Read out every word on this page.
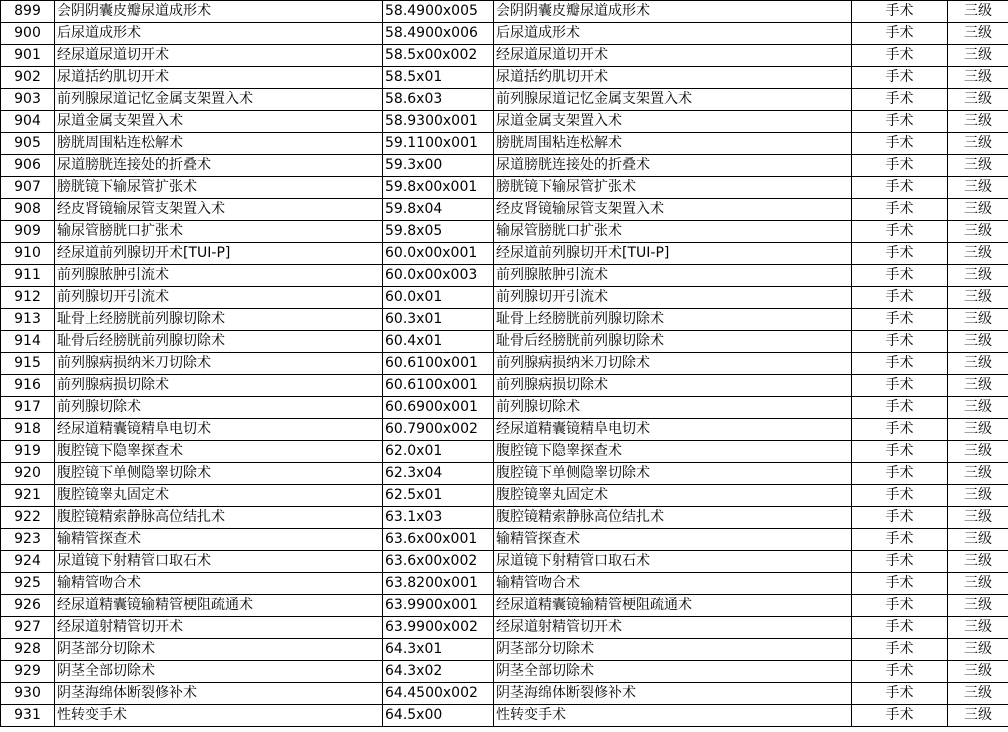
899	会阴阴囊皮瓣尿道成形术	58.4900x005	会阴阴囊皮瓣尿道成形术	手术	三级
900	后尿道成形术	58.4900x006	后尿道成形术	手术	三级
901	经尿道尿道切开术	58.5x00x002	经尿道尿道切开术	手术	三级
902	尿道括约肌切开术	58.5x01	尿道括约肌切开术	手术	三级
903	前列腺尿道记忆金属支架置入术	58.6x03	前列腺尿道记忆金属支架置入术	手术	三级
904	尿道金属支架置入术	58.9300x001	尿道金属支架置入术	手术	三级
905	膀胱周围粘连松解术	59.1100x001	膀胱周围粘连松解术	手术	三级
906	尿道膀胱连接处的折叠术	59.3x00	尿道膀胱连接处的折叠术	手术	三级
907	膀胱镜下输尿管扩张术	59.8x00x001	膀胱镜下输尿管扩张术	手术	三级
908	经皮肾镜输尿管支架置入术	59.8x04	经皮肾镜输尿管支架置入术	手术	三级
909	输尿管膀胱口扩张术	59.8x05	输尿管膀胱口扩张术	手术	三级
910	经尿道前列腺切开术[TUI-P]	60.0x00x001	经尿道前列腺切开术[TUI-P]	手术	三级
911	前列腺脓肿引流术	60.0x00x003	前列腺脓肿引流术	手术	三级
912	前列腺切开引流术	60.0x01	前列腺切开引流术	手术	三级
913	耻骨上经膀胱前列腺切除术	60.3x01	耻骨上经膀胱前列腺切除术	手术	三级
914	耻骨后经膀胱前列腺切除术	60.4x01	耻骨后经膀胱前列腺切除术	手术	三级
915	前列腺病损纳米刀切除术	60.6100x001	前列腺病损纳米刀切除术	手术	三级
916	前列腺病损切除术	60.6100x001	前列腺病损切除术	手术	三级
917	前列腺切除术	60.6900x001	前列腺切除术	手术	三级
918	经尿道精囊镜精阜电切术	60.7900x002	经尿道精囊镜精阜电切术	手术	三级
919	腹腔镜下隐睾探查术	62.0x01	腹腔镜下隐睾探查术	手术	三级
920	腹腔镜下单侧隐睾切除术	62.3x04	腹腔镜下单侧隐睾切除术	手术	三级
921	腹腔镜睾丸固定术	62.5x01	腹腔镜睾丸固定术	手术	三级
922	腹腔镜精索静脉高位结扎术	63.1x03	腹腔镜精索静脉高位结扎术	手术	三级
923	输精管探查术	63.6x00x001	输精管探查术	手术	三级
924	尿道镜下射精管口取石术	63.6x00x002	尿道镜下射精管口取石术	手术	三级
925	输精管吻合术	63.8200x001	输精管吻合术	手术	三级
926	经尿道精囊镜输精管梗阻疏通术	63.9900x001	经尿道精囊镜输精管梗阻疏通术	手术	三级
927	经尿道射精管切开术	63.9900x002	经尿道射精管切开术	手术	三级
928	阴茎部分切除术	64.3x01	阴茎部分切除术	手术	三级
929	阴茎全部切除术	64.3x02	阴茎全部切除术	手术	三级
930	阴茎海绵体断裂修补术	64.4500x002	阴茎海绵体断裂修补术	手术	三级
931	性转变手术	64.5x00	性转变手术	手术	三级
